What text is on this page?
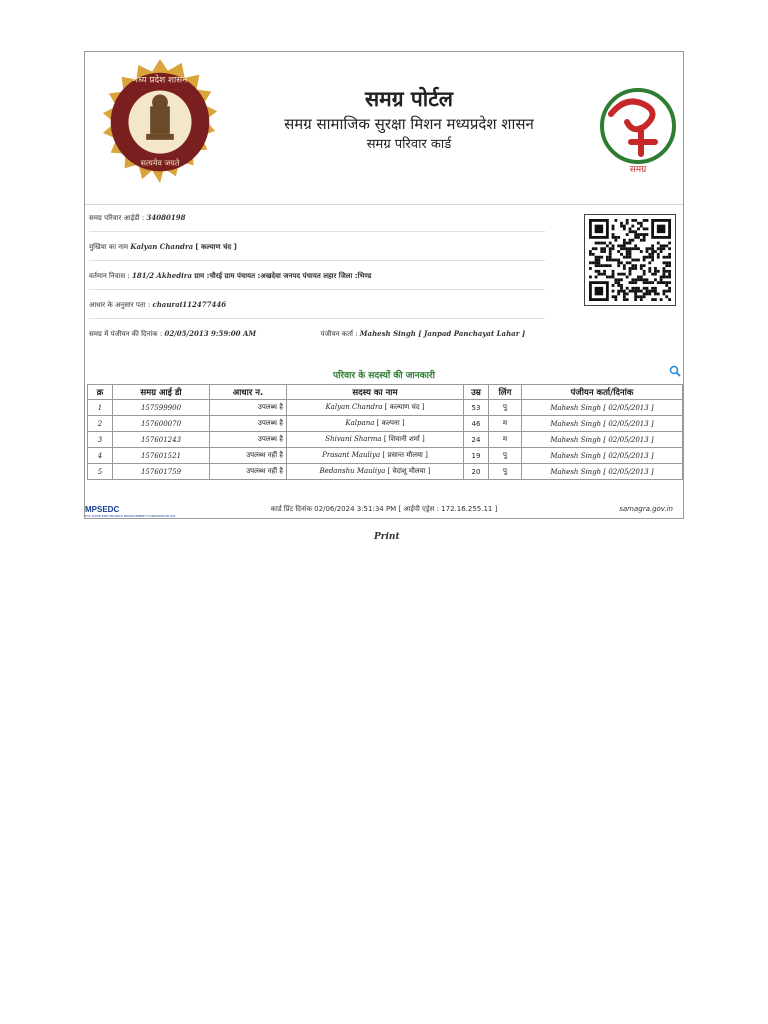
मध्य प्रदेश शासन
सत्यमेव जयते
समग्र पोर्टल
समग्र सामाजिक सुरक्षा मिशन मध्यप्रदेश शासन
समग्र परिवार कार्ड
समग्र
समग्र परिवार आईडी : 34080198
मुखिया का नाम Kalyan Chandra [ कल्याण चंद ]
वर्तमान निवास : 181/2 Akhedira ग्राम :चौरई ग्राम पंचायत :अखदेवा जनपद पंचायत लहार जिला :भिण्ड
आधार के अनुसार पता : chaurai112477446
समग्र में पंजीयन की दिनांक : 02/05/2013 9:59:00 AM	पंजीयन कर्ता : Mahesh Singh [ Janpad Panchayat Lahar ]
परिवार के सदस्यों की जानकारी
क्र	समग्र आई डी	आधार न.	सदस्य का नाम	उम्र	लिंग	पंजीयन कर्ता/दिनांक
1	157599900	उपलब्ध है	Kalyan Chandra [ कल्याण चंद ]	53	पु	Mahesh Singh [ 02/05/2013 ]
2	157600070	उपलब्ध है	Kalpana [ कल्पना ]	46	म	Mahesh Singh [ 02/05/2013 ]
3	157601243	उपलब्ध है	Shivani Sharma [ शिवानी शर्मा ]	24	म	Mahesh Singh [ 02/05/2013 ]
4	157601521	उपलब्ध नहीं है	Prasant Mauliya [ प्रसान्त मौलया ]	19	पु	Mahesh Singh [ 02/05/2013 ]
5	157601759	उपलब्ध नहीं है	Bedanshu Mauliya [ वेदांशू मौलया ]	20	पु	Mahesh Singh [ 02/05/2013 ]
MPSEDC
M.P. STATE ELECTRONICS DEVELOPMENT CORPORATION LTD.
कार्ड प्रिंट दिनांक 02/06/2024 3:51:34 PM [ आईपी एड्रेस : 172.16.255.11 ]	samagra.gov.in
Print
